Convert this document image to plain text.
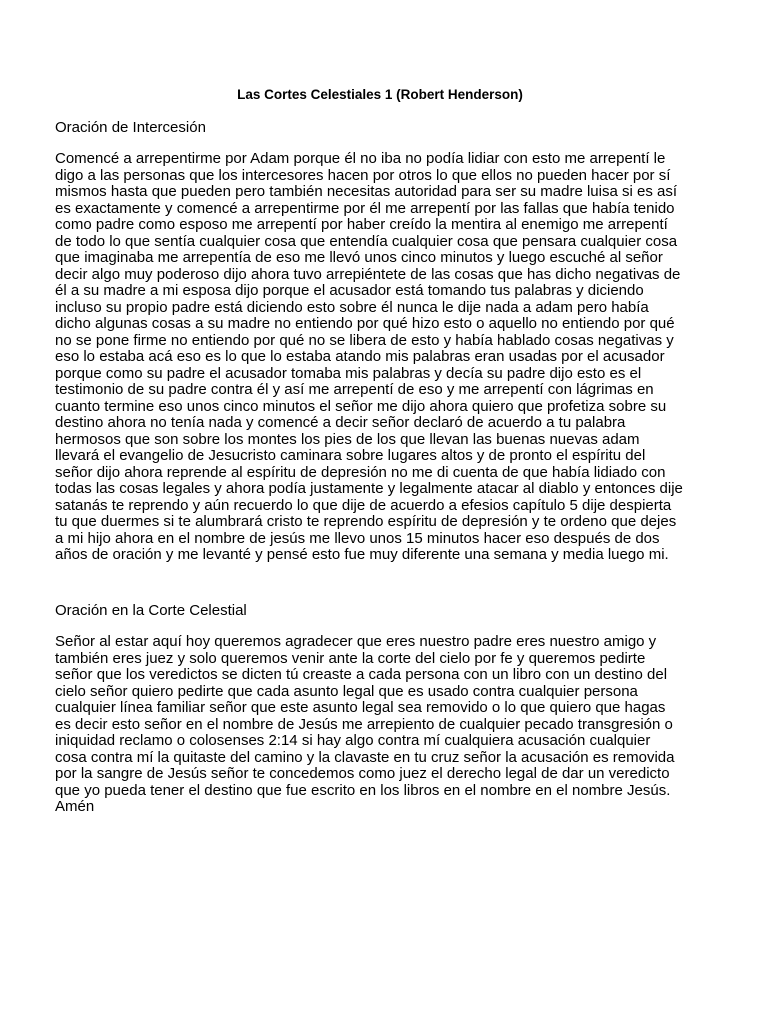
Las Cortes Celestiales 1 (Robert Henderson)
Oración de Intercesión
Comencé a arrepentirme por Adam porque él no iba no podía lidiar con esto me arrepentí le
digo a las personas que los intercesores hacen por otros lo que ellos no pueden hacer por sí
mismos hasta que pueden pero también necesitas autoridad para ser su madre luisa si es así
es exactamente y comencé a arrepentirme por él me arrepentí por las fallas que había tenido
como padre como esposo me arrepentí por haber creído la mentira al enemigo me arrepentí
de todo lo que sentía cualquier cosa que entendía cualquier cosa que pensara cualquier cosa
que imaginaba me arrepentía de eso me llevó unos cinco minutos y luego escuché al señor
decir algo muy poderoso dijo ahora tuvo arrepiéntete de las cosas que has dicho negativas de
él a su madre a mi esposa dijo porque el acusador está tomando tus palabras y diciendo
incluso su propio padre está diciendo esto sobre él nunca le dije nada a adam pero había
dicho algunas cosas a su madre no entiendo por qué hizo esto o aquello no entiendo por qué
no se pone firme no entiendo por qué no se libera de esto y había hablado cosas negativas y
eso lo estaba acá eso es lo que lo estaba atando mis palabras eran usadas por el acusador
porque como su padre el acusador tomaba mis palabras y decía su padre dijo esto es el
testimonio de su padre contra él y así me arrepentí de eso y me arrepentí con lágrimas en
cuanto termine eso unos cinco minutos el señor me dijo ahora quiero que profetiza sobre su
destino ahora no tenía nada y comencé a decir señor declaró de acuerdo a tu palabra
hermosos que son sobre los montes los pies de los que llevan las buenas nuevas adam
llevará el evangelio de Jesucristo caminara sobre lugares altos y de pronto el espíritu del
señor dijo ahora reprende al espíritu de depresión no me di cuenta de que había lidiado con
todas las cosas legales y ahora podía justamente y legalmente atacar al diablo y entonces dije
satanás te reprendo y aún recuerdo lo que dije de acuerdo a efesios capítulo 5 dije despierta
tu que duermes si te alumbrará cristo te reprendo espíritu de depresión y te ordeno que dejes
a mi hijo ahora en el nombre de jesús me llevo unos 15 minutos hacer eso después de dos
años de oración y me levanté y pensé esto fue muy diferente una semana y media luego mi.
Oración en la Corte Celestial
Señor al estar aquí hoy queremos agradecer que eres nuestro padre eres nuestro amigo y
también eres juez y solo queremos venir ante la corte del cielo por fe y queremos pedirte
señor que los veredictos se dicten tú creaste a cada persona con un libro con un destino del
cielo señor quiero pedirte que cada asunto legal que es usado contra cualquier persona
cualquier línea familiar señor que este asunto legal sea removido o lo que quiero que hagas
es decir esto señor en el nombre de Jesús me arrepiento de cualquier pecado transgresión o
iniquidad reclamo o colosenses 2:14 si hay algo contra mí cualquiera acusación cualquier
cosa contra mí la quitaste del camino y la clavaste en tu cruz señor la acusación es removida
por la sangre de Jesús señor te concedemos como juez el derecho legal de dar un veredicto
que yo pueda tener el destino que fue escrito en los libros en el nombre en el nombre Jesús.
Amén
